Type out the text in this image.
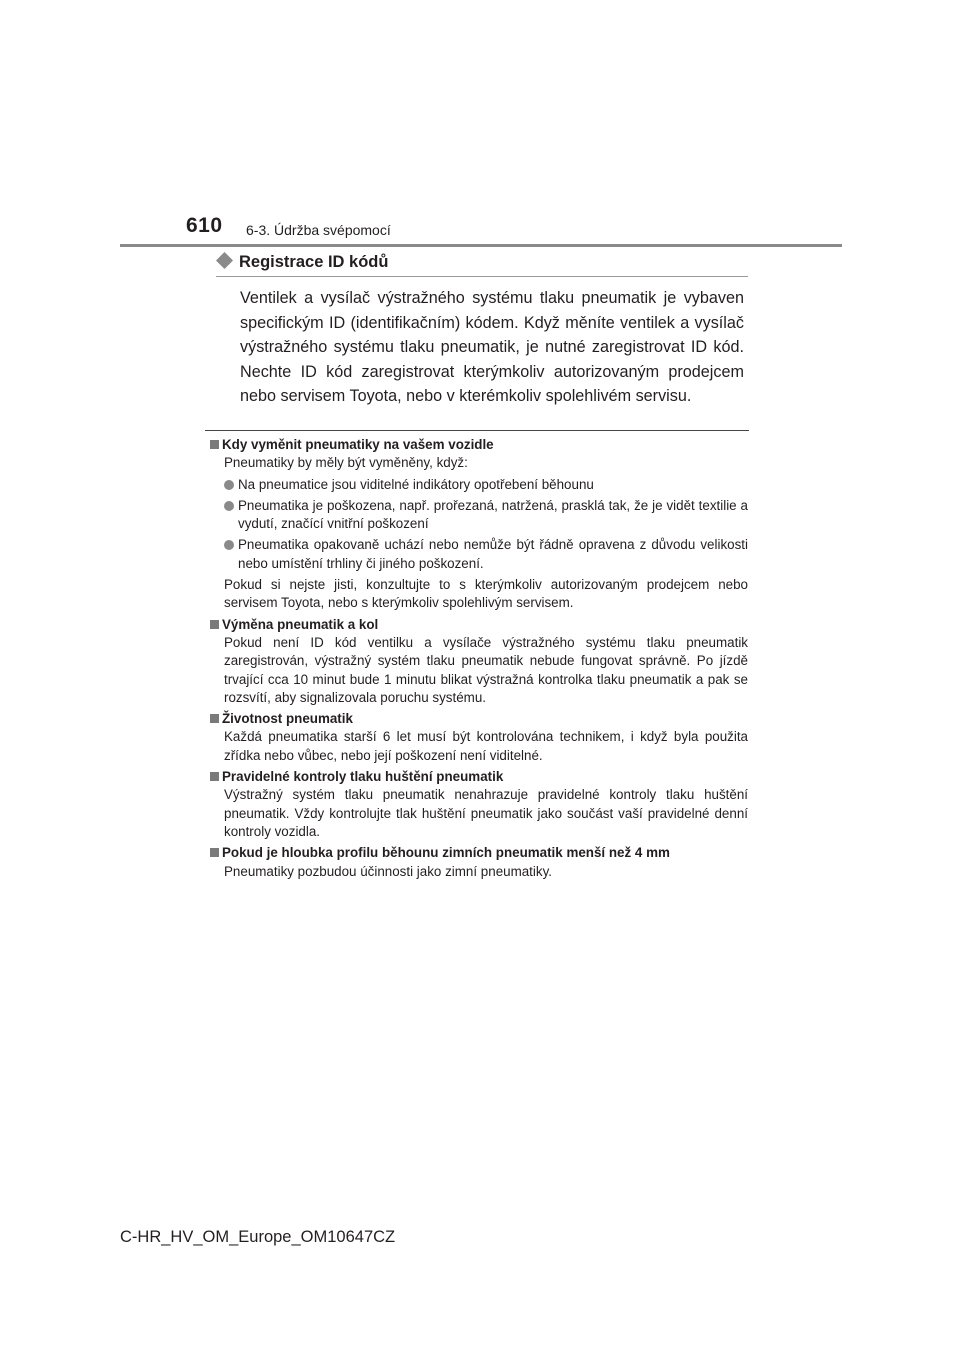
610 6-3. Údržba svépomocí
Registrace ID kódů

Ventilek a vysílač výstražného systému tlaku pneumatik je vybaven specifickým ID (identifikačním) kódem. Když měníte ventilek a vysílač výstražného systému tlaku pneumatik, je nutné zaregistrovat ID kód. Nechte ID kód zaregistrovat kterýmkoliv autorizovaným prodejcem nebo servisem Toyota, nebo v kterémkoliv spolehlivém servisu.

Kdy vyměnit pneumatiky na vašem vozidle

Pneumatiky by měly být vyměněny, když:

Na pneumatice jsou viditelné indikátory opotřebení běhounu
Pneumatika je poškozena, např. prořezaná, natržená, prasklá tak, že je vidět textilie a vydutí, značící vnitřní poškození
Pneumatika opakovaně uchází nebo nemůže být řádně opravena z důvodu velikosti nebo umístění trhliny či jiného poškození.

Pokud si nejste jisti, konzultujte to s kterýmkoliv autorizovaným prodejcem nebo servisem Toyota, nebo s kterýmkoliv spolehlivým servisem.

Výměna pneumatik a kol

Pokud není ID kód ventilku a vysílače výstražného systému tlaku pneumatik zaregistrován, výstražný systém tlaku pneumatik nebude fungovat správně. Po jízdě trvající cca 10 minut bude 1 minutu blikat výstražná kontrolka tlaku pneumatik a pak se rozsvítí, aby signalizovala poruchu systému.

Životnost pneumatik

Každá pneumatika starší 6 let musí být kontrolována technikem, i když byla použita zřídka nebo vůbec, nebo její poškození není viditelné.

Pravidelné kontroly tlaku huštění pneumatik

Výstražný systém tlaku pneumatik nenahrazuje pravidelné kontroly tlaku huštění pneumatik. Vždy kontrolujte tlak huštění pneumatik jako součást vaší pravidelné denní kontroly vozidla.

Pokud je hloubka profilu běhounu zimních pneumatik menší než 4 mm

Pneumatiky pozbudou účinnosti jako zimní pneumatiky.

C-HR_HV_OM_Europe_OM10647CZ
